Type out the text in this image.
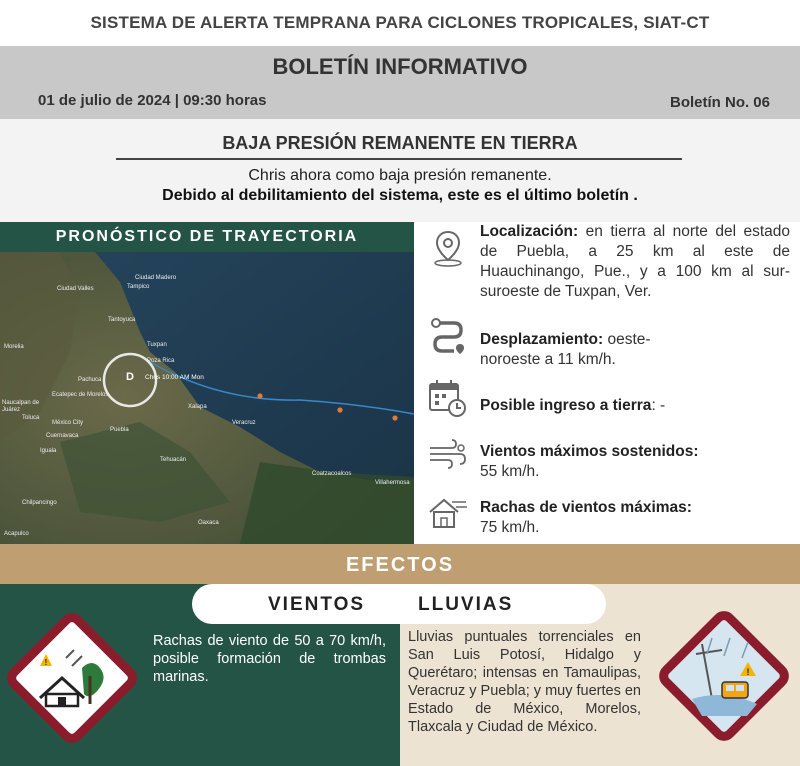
SISTEMA DE ALERTA TEMPRANA PARA CICLONES TROPICALES, SIAT-CT
BOLETÍN INFORMATIVO
01 de julio de 2024 | 09:30 horas	Boletín No. 06
BAJA PRESIÓN REMANENTE EN TIERRA
Chris ahora como baja presión remanente.
Debido al debilitamiento del sistema, este es el último boletín .
D Chris 10:00 AM Mon
Ciudad Madero
Tampico
Ciudad Valles
Tantoyuca
Tuxpan
Poza Rica
Pachuca
Ecatepec de Morelos
Naucalpan de Juárez
Toluca
México City
Cuernavaca
Puebla
Xalapa
Veracruz
Tehuacán
Coatzacoalcos
Villahermosa
Chilpancingo
Oaxaca
Acapulco
Morelia
Iguala
PRONÓSTICO DE TRAYECTORIA	Localización: en tierra al norte del estado de Puebla, a 25 km al este de Huauchinango, Pue., y a 100 km al sur-suroeste de Tuxpan, Ver.
Desplazamiento: oeste-noroeste a 11 km/h.
Posible ingreso a tierra: -
Vientos máximos sostenidos:
55 km/h.
Rachas de vientos máximas:
75 km/h.
EFECTOS
VIENTOS	LLUVIAS
!
Rachas de viento de 50 a 70 km/h, posible formación de trombas marinas.
Lluvias puntuales torrenciales en San Luis Potosí, Hidalgo y Querétaro; intensas en Tamaulipas, Veracruz y Puebla; y muy fuertes en Estado de México, Morelos, Tlaxcala y Ciudad de México.
!
